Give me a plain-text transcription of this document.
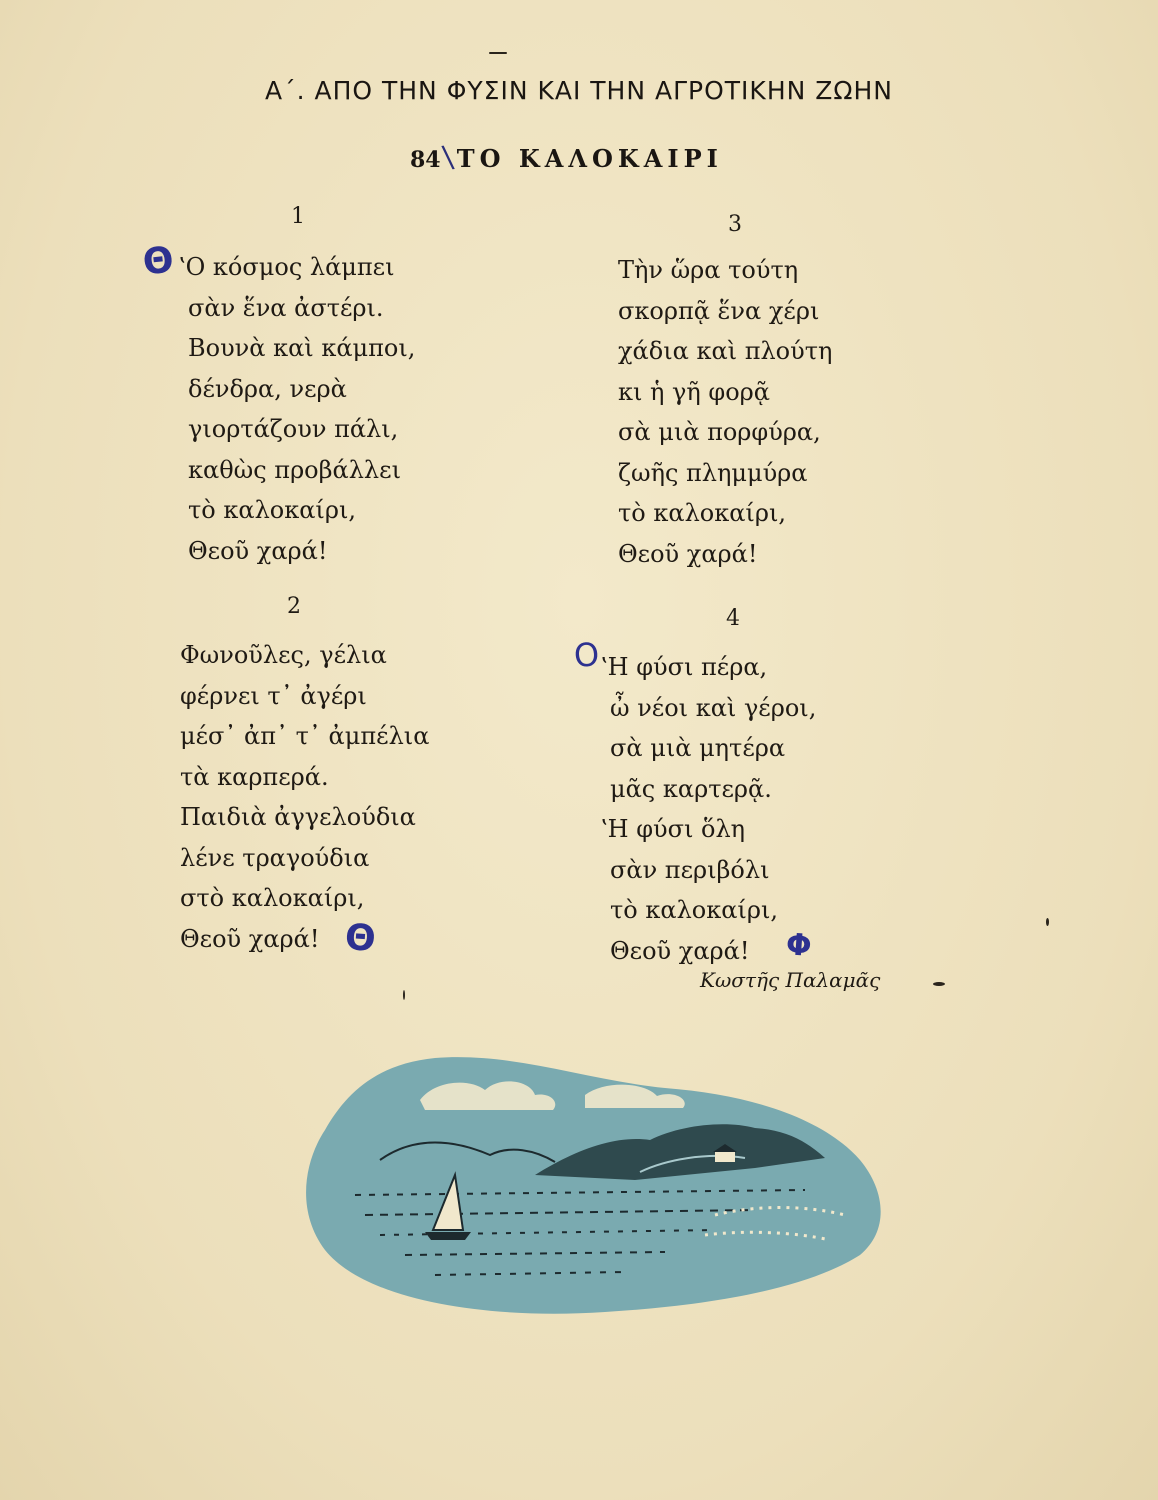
Α΄. ΑΠΟ ΤΗΝ ΦΥΣΙΝ ΚΑΙ ΤΗΝ ΑΓΡΟΤΙΚΗΝ ΖΩΗΝ
84\ΤΟ ΚΑΛΟΚΑΙΡΙ
1
ʽΟ κόσμος λάμπει
σὰν ἕνα ἀστέρι.
Βουνὰ καὶ κάμποι,
δένδρα, νερὰ
γιορτάζουν πάλι,
καθὼς προβάλλει
τὸ καλοκαίρι,
Θεοῦ χαρά!
2
Φωνοῦλες, γέλια
φέρνει τ᾽ ἀγέρι
μέσ᾽ ἀπ᾽ τ᾽ ἀμπέλια
τὰ καρπερά.
Παιδιὰ ἀγγελούδια
λένε τραγούδια
στὸ καλοκαίρι,
Θεοῦ χαρά!
3
Τὴν ὥρα τούτη
σκορπᾷ ἕνα χέρι
χάδια καὶ πλούτη
κι ἡ γῆ φορᾷ
σὰ μιὰ πορφύρα,
ζωῆς πλημμύρα
τὸ καλοκαίρι,
Θεοῦ χαρά!
4
ʽΗ φύσι πέρα,
ὦ νέοι καὶ γέροι,
σὰ μιὰ μητέρα
μᾶς καρτερᾷ.
ʽΗ φύσι ὅλη
σὰν περιβόλι
τὸ καλοκαίρι,
Θεοῦ χαρά!
Θ
Θ
Ο
Φ
Κωστῆς Παλαμᾶς
